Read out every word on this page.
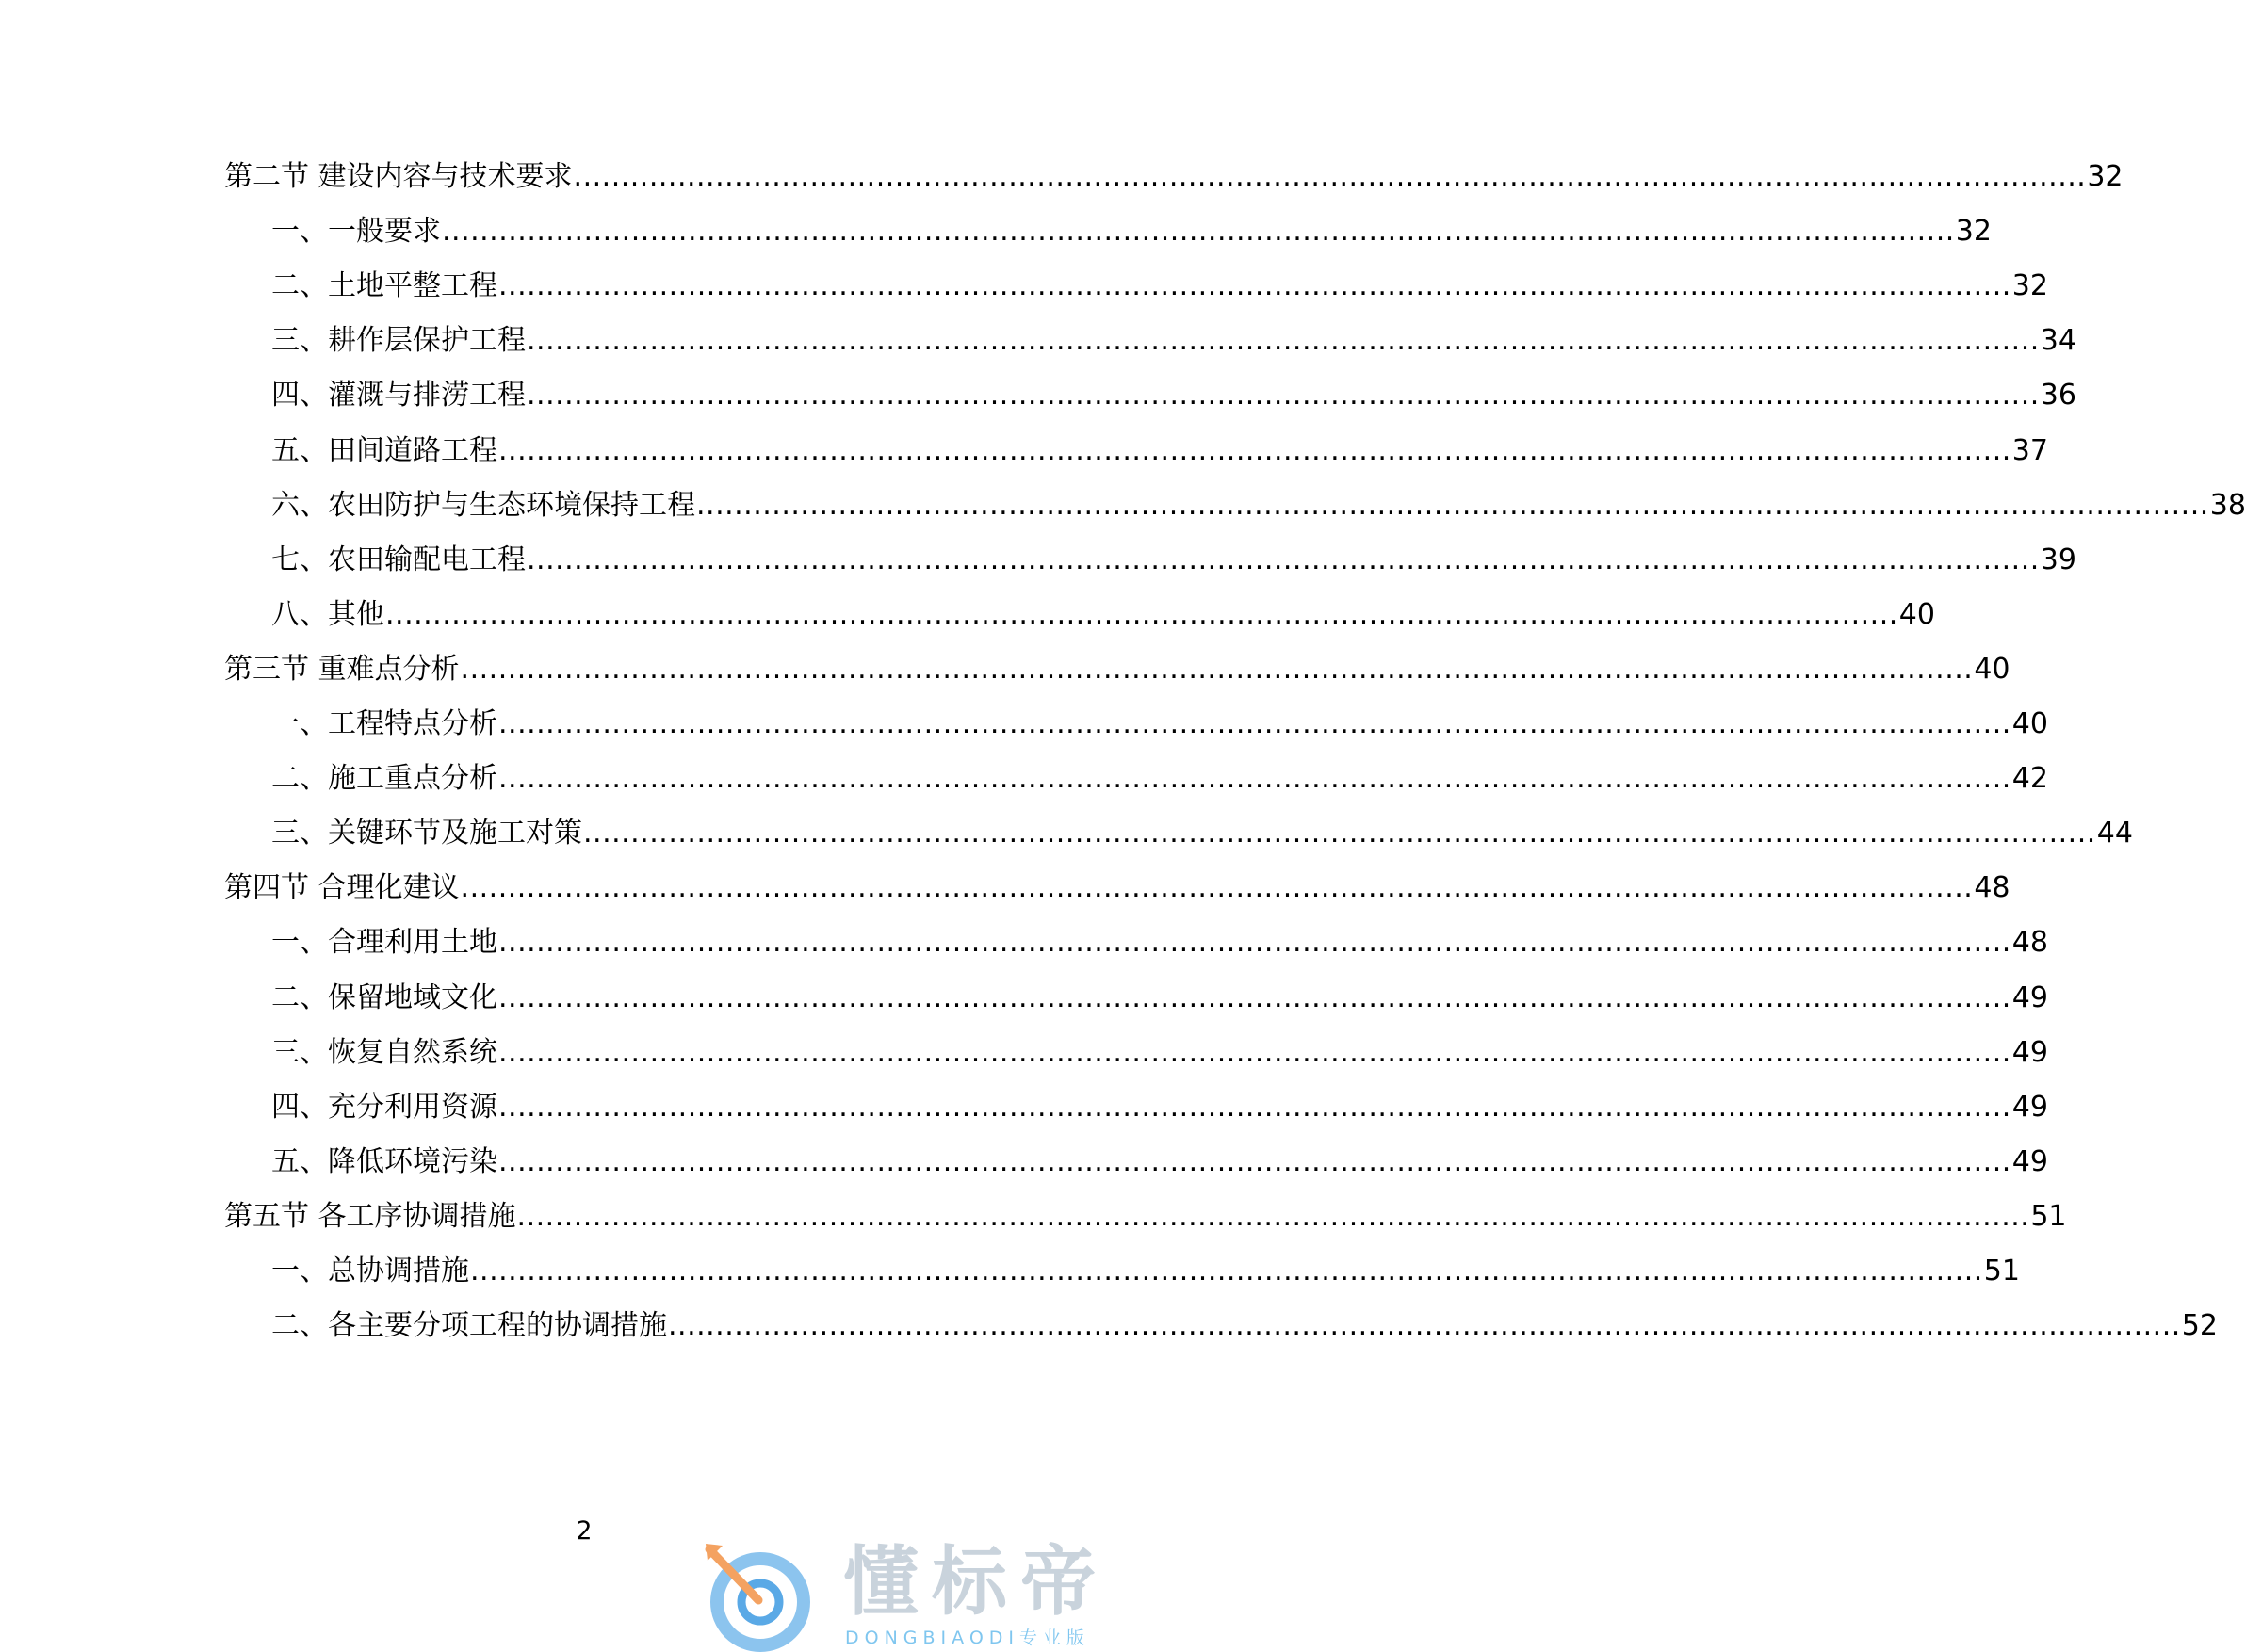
第二节 建设内容与技术要求 ................................................................................................................................................................ 32
一、一般要求 ................................................................................................................................................................ 32
二、土地平整工程 ................................................................................................................................................................ 32
三、耕作层保护工程 ................................................................................................................................................................ 34
四、灌溉与排涝工程 ................................................................................................................................................................ 36
五、田间道路工程 ................................................................................................................................................................ 37
六、农田防护与生态环境保持工程 ................................................................................................................................................................ 38
七、农田输配电工程 ................................................................................................................................................................ 39
八、其他 ................................................................................................................................................................ 40
第三节 重难点分析 ................................................................................................................................................................ 40
一、工程特点分析 ................................................................................................................................................................ 40
二、施工重点分析 ................................................................................................................................................................ 42
三、关键环节及施工对策 ................................................................................................................................................................ 44
第四节 合理化建议 ................................................................................................................................................................ 48
一、合理利用土地 ................................................................................................................................................................ 48
二、保留地域文化 ................................................................................................................................................................ 49
三、恢复自然系统 ................................................................................................................................................................ 49
四、充分利用资源 ................................................................................................................................................................ 49
五、降低环境污染 ................................................................................................................................................................ 49
第五节 各工序协调措施 ................................................................................................................................................................ 51
一、总协调措施 ................................................................................................................................................................ 51
二、各主要分项工程的协调措施 ................................................................................................................................................................ 52
2
懂标帝
DONGBIAODI专业版
